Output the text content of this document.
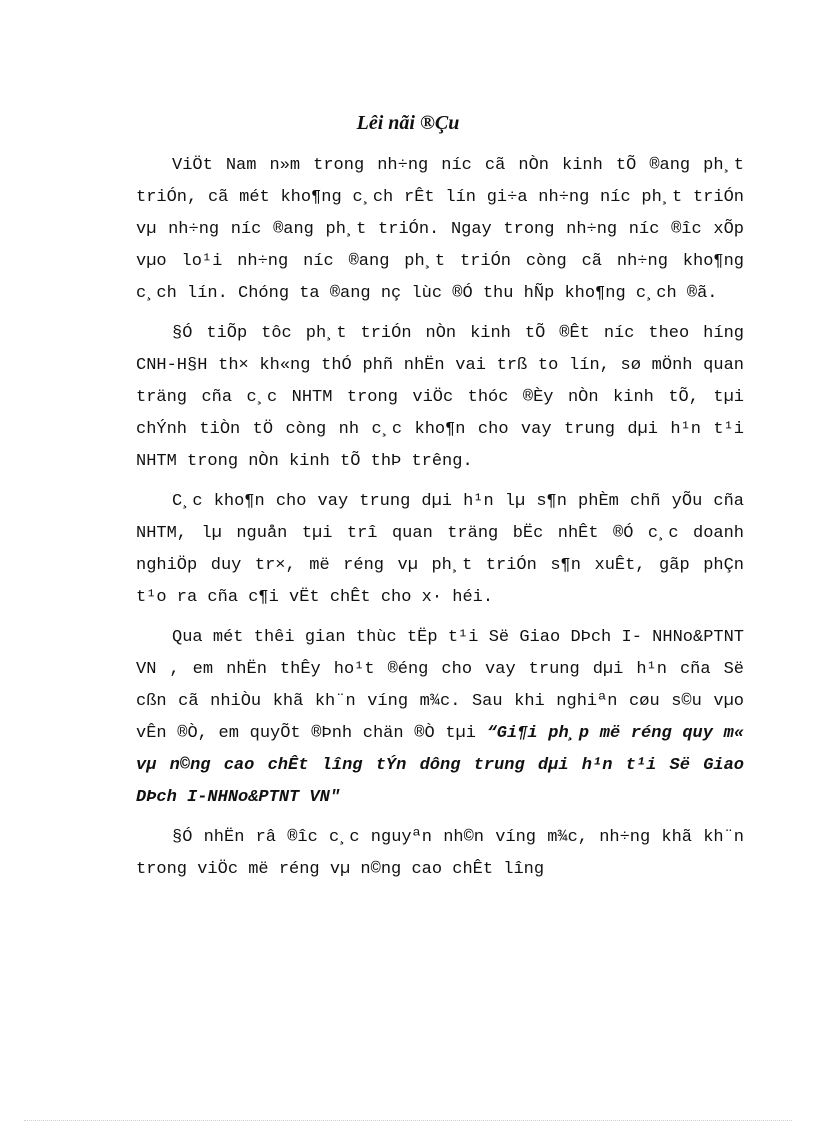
Lêi nãi ®Çu

ViÖt Nam n»m trong nh÷ng níc cã nÒn kinh tÕ ®ang ph¸t triÓn, cã mét kho¶ng c¸ch rÊt lín gi÷a nh÷ng níc ph¸t triÓn vµ nh÷ng níc ®ang ph¸t triÓn. Ngay trong nh÷ng níc ®îc xÕp vµo lo¹i nh÷ng níc ®ang ph¸t triÓn còng cã nh÷ng kho¶ng c¸ch lín. Chóng ta ®ang nç lùc ®Ó thu hÑp kho¶ng c¸ch ®ã.

§Ó tiÕp tôc ph¸t triÓn nÒn kinh tÕ ®Êt níc theo híng CNH-H§H th× kh«ng thÓ phñ nhËn vai trß to lín, sø mÖnh quan träng cña c¸c NHTM trong viÖc thóc ®Èy nÒn kinh tÕ, tµi chÝnh tiÒn tÖ còng nh c¸c kho¶n cho vay trung dµi h¹n t¹i NHTM trong nÒn kinh tÕ thÞ trêng.

C¸c kho¶n cho vay trung dµi h¹n lµ s¶n phÈm chñ yÕu cña NHTM, lµ nguån tµi trî quan träng bËc nhÊt ®Ó c¸c doanh nghiÖp duy tr×, më réng vµ ph¸t triÓn s¶n xuÊt, gãp phÇn t¹o ra cña c¶i vËt chÊt cho x· héi.

Qua mét thêi gian thùc tËp t¹i Së Giao DÞch I- NHNo&PTNT VN , em nhËn thÊy ho¹t ®éng cho vay trung dµi h¹n cña Së cßn cã nhiÒu khã kh¨n víng m¾c. Sau khi nghiªn cøu s©u vµo vÊn ®Ò, em quyÕt ®Þnh chän ®Ò tµi “Gi¶i ph¸p më réng quy m« vµ n©ng cao chÊt lîng tÝn dông trung dµi h¹n t¹i Së Giao DÞch I-NHNo&PTNT VN"

§Ó nhËn râ ®îc c¸c nguyªn nh©n víng m¾c, nh÷ng khã kh¨n trong viÖc më réng vµ n©ng cao chÊt lîng
